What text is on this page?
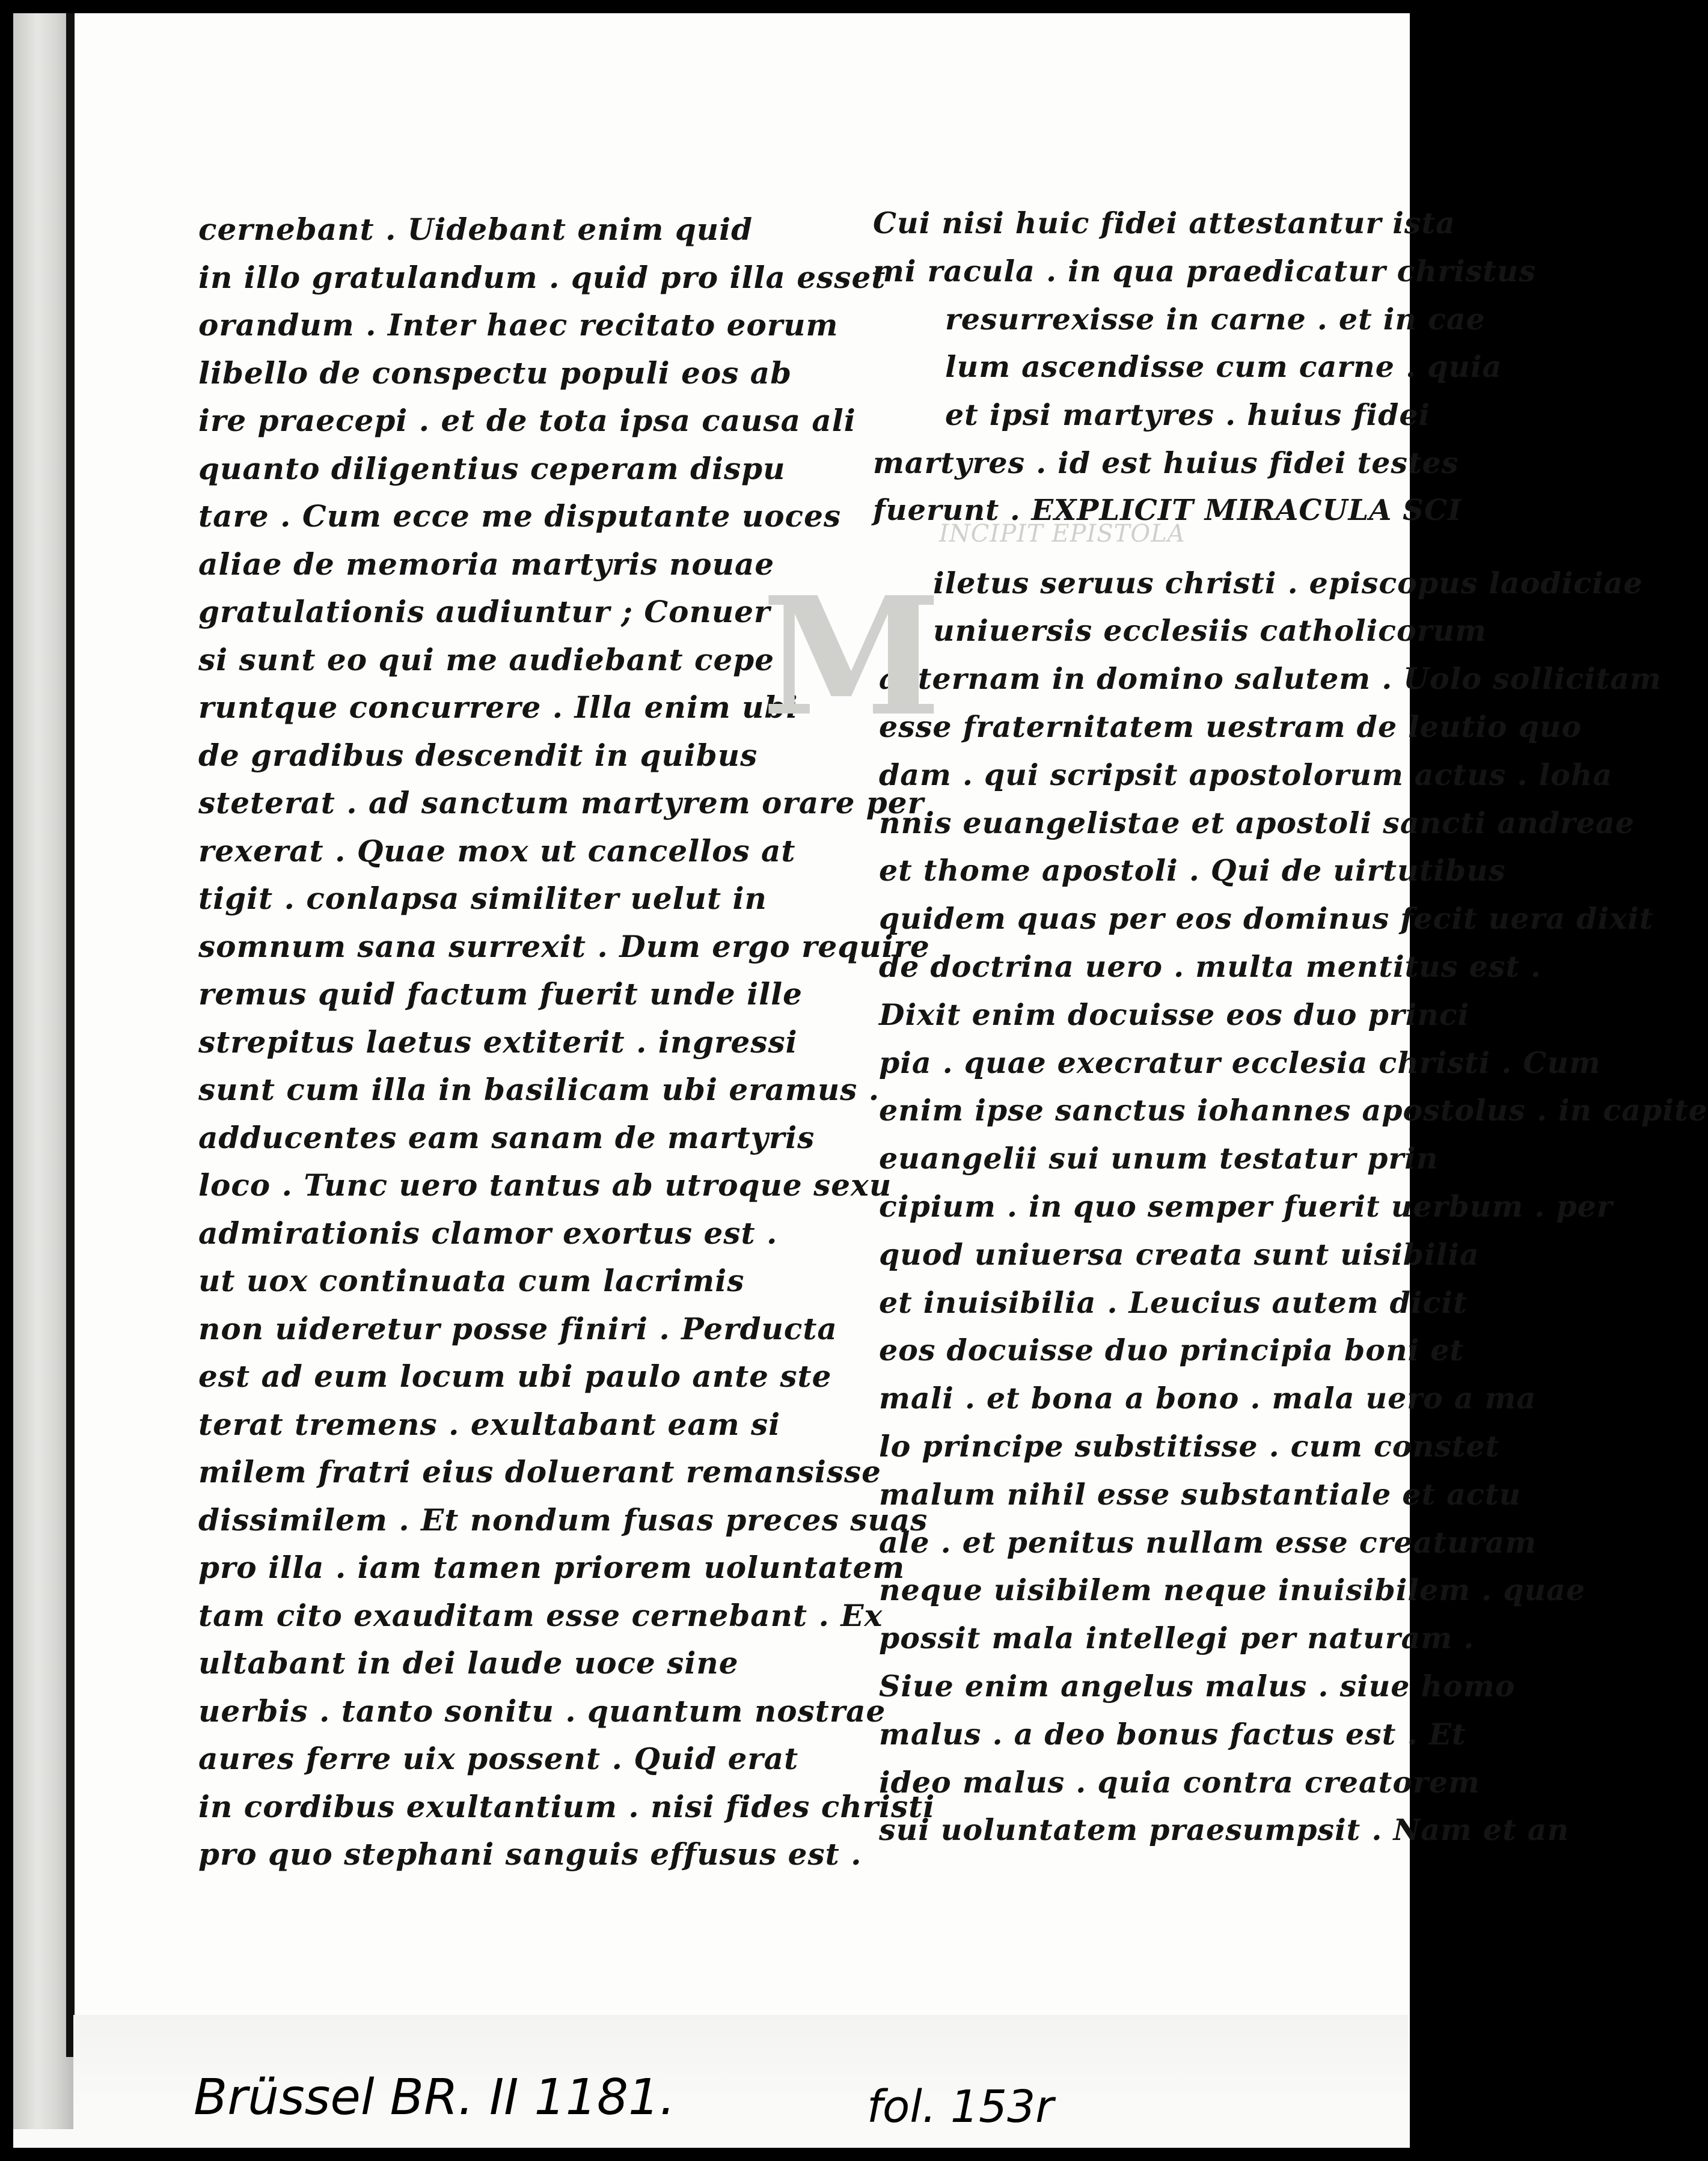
cernebant . Uidebant enim quid
in illo gratulandum . quid pro illa esset
orandum . Inter haec recitato eorum
libello de conspectu populi eos ab
ire praecepi . et de tota ipsa causa ali
quanto diligentius ceperam dispu
tare . Cum ecce me disputante uoces
aliae de memoria martyris nouae
gratulationis audiuntur ; Conuer
si sunt eo qui me audiebant cepe
runtque concurrere . Illa enim ubi
de gradibus descendit in quibus
steterat . ad sanctum martyrem orare per
rexerat . Quae mox ut cancellos at
tigit . conlapsa similiter uelut in
somnum sana surrexit . Dum ergo require
remus quid factum fuerit unde ille
strepitus laetus extiterit . ingressi
sunt cum illa in basilicam ubi eramus .
adducentes eam sanam de martyris
loco . Tunc uero tantus ab utroque sexu
admirationis clamor exortus est .
ut uox continuata cum lacrimis
non uideretur posse finiri . Perducta
est ad eum locum ubi paulo ante ste
terat tremens . exultabant eam si
milem fratri eius doluerant remansisse
dissimilem . Et nondum fusas preces suas
pro illa . iam tamen priorem uoluntatem
tam cito exauditam esse cernebant . Ex
ultabant in dei laude uoce sine
uerbis . tanto sonitu . quantum nostrae
aures ferre uix possent . Quid erat
in cordibus exultantium . nisi fides christi
pro quo stephani sanguis effusus est .
Cui nisi huic fidei attestantur ista
mi racula . in qua praedicatur christus
resurrexisse in carne . et in cae
lum ascendisse cum carne . quia
et ipsi martyres . huius fidei
martyres . id est huius fidei testes
fuerunt . EXPLICIT MIRACULA SCI
INCIPIT EPISTOLA
iletus seruus christi . episcopus laodiciae
uniuersis ecclesiis catholicorum
aeternam in domino salutem . Uolo sollicitam
esse fraternitatem uestram de leutio quo
dam . qui scripsit apostolorum actus . loha
nnis euangelistae et apostoli sancti andreae
et thome apostoli . Qui de uirtutibus
quidem quas per eos dominus fecit uera dixit
de doctrina uero . multa mentitus est .
Dixit enim docuisse eos duo princi
pia . quae execratur ecclesia christi . Cum
enim ipse sanctus iohannes apostolus . in capite
euangelii sui unum testatur prin
cipium . in quo semper fuerit uerbum . per
quod uniuersa creata sunt uisibilia
et inuisibilia . Leucius autem dicit
eos docuisse duo principia boni et
mali . et bona a bono . mala uero a ma
lo principe substitisse . cum constet
malum nihil esse substantiale et actu
ale . et penitus nullam esse creaturam
neque uisibilem neque inuisibilem . quae
possit mala intellegi per naturam .
Siue enim angelus malus . siue homo
malus . a deo bonus factus est . Et
ideo malus . quia contra creatorem
sui uoluntatem praesumpsit . Nam et an
M
Brüssel BR. II 1181.	fol. 153r
